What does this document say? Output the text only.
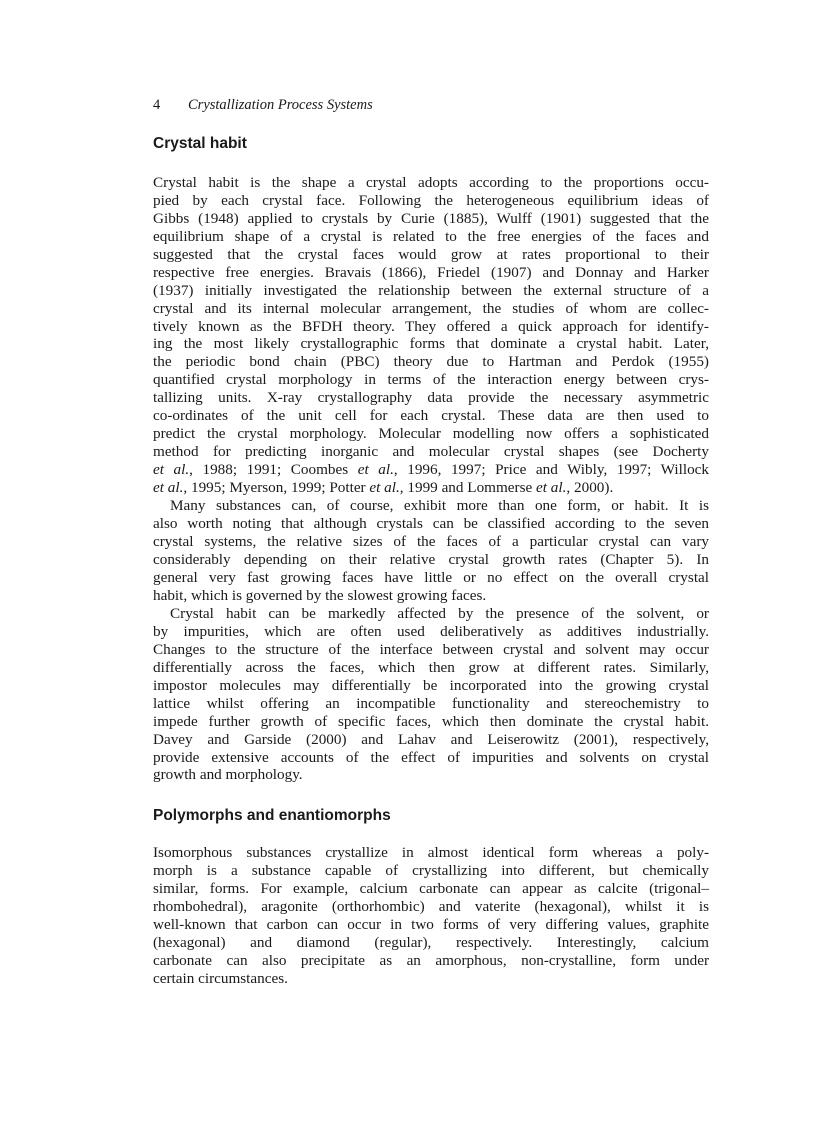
4 Crystallization Process Systems
Crystal habit
Crystal habit is the shape a crystal adopts according to the proportions occu-
pied by each crystal face. Following the heterogeneous equilibrium ideas of
Gibbs (1948) applied to crystals by Curie (1885), Wulff (1901) suggested that the
equilibrium shape of a crystal is related to the free energies of the faces and
suggested that the crystal faces would grow at rates proportional to their
respective free energies. Bravais (1866), Friedel (1907) and Donnay and Harker
(1937) initially investigated the relationship between the external structure of a
crystal and its internal molecular arrangement, the studies of whom are collec-
tively known as the BFDH theory. They offered a quick approach for identify-
ing the most likely crystallographic forms that dominate a crystal habit. Later,
the periodic bond chain (PBC) theory due to Hartman and Perdok (1955)
quantified crystal morphology in terms of the interaction energy between crys-
tallizing units. X-ray crystallography data provide the necessary asymmetric
co-ordinates of the unit cell for each crystal. These data are then used to
predict the crystal morphology. Molecular modelling now offers a sophisticated
method for predicting inorganic and molecular crystal shapes (see Docherty
et al., 1988; 1991; Coombes et al., 1996, 1997; Price and Wibly, 1997; Willock
et al., 1995; Myerson, 1999; Potter et al., 1999 and Lommerse et al., 2000).
Many substances can, of course, exhibit more than one form, or habit. It is
also worth noting that although crystals can be classified according to the seven
crystal systems, the relative sizes of the faces of a particular crystal can vary
considerably depending on their relative crystal growth rates (Chapter 5). In
general very fast growing faces have little or no effect on the overall crystal
habit, which is governed by the slowest growing faces.
Crystal habit can be markedly affected by the presence of the solvent, or
by impurities, which are often used deliberatively as additives industrially.
Changes to the structure of the interface between crystal and solvent may occur
differentially across the faces, which then grow at different rates. Similarly,
impostor molecules may differentially be incorporated into the growing crystal
lattice whilst offering an incompatible functionality and stereochemistry to
impede further growth of specific faces, which then dominate the crystal habit.
Davey and Garside (2000) and Lahav and Leiserowitz (2001), respectively,
provide extensive accounts of the effect of impurities and solvents on crystal
growth and morphology.
Polymorphs and enantiomorphs
Isomorphous substances crystallize in almost identical form whereas a poly-
morph is a substance capable of crystallizing into different, but chemically
similar, forms. For example, calcium carbonate can appear as calcite (trigonal–
rhombohedral), aragonite (orthorhombic) and vaterite (hexagonal), whilst it is
well-known that carbon can occur in two forms of very differing values, graphite
(hexagonal) and diamond (regular), respectively. Interestingly, calcium
carbonate can also precipitate as an amorphous, non-crystalline, form under
certain circumstances.
